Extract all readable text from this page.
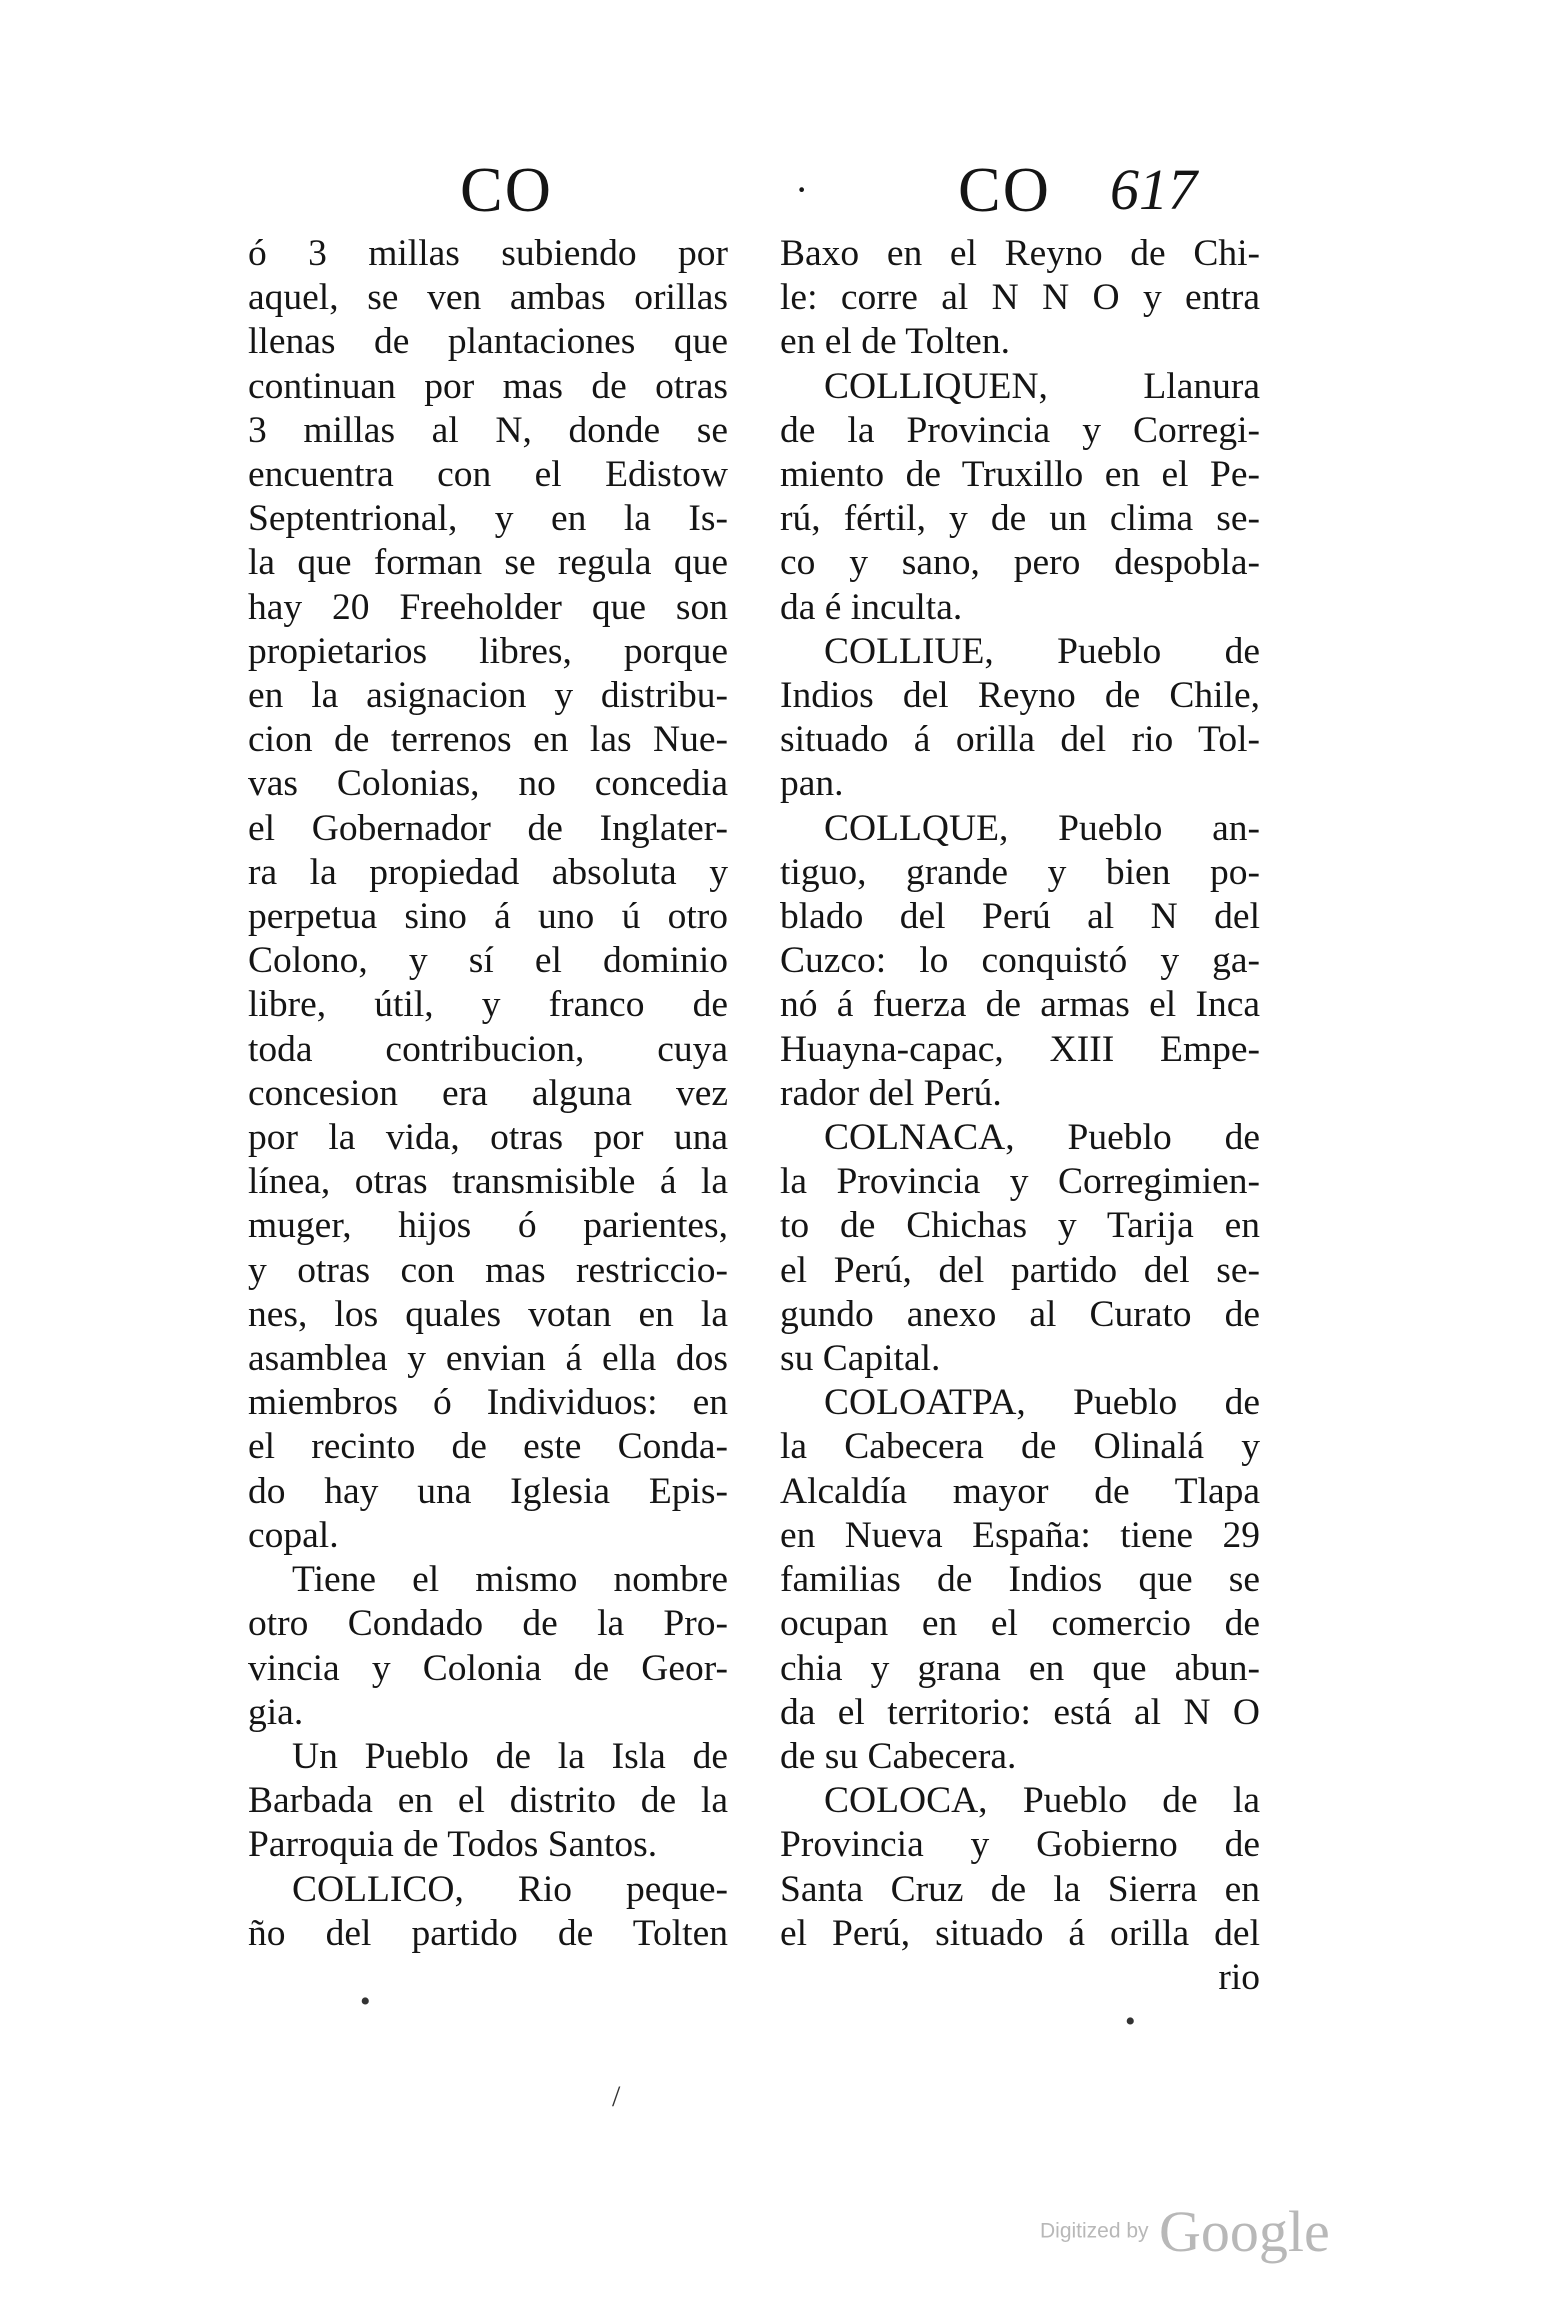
CO	· CO 617
ó 3 millas subiendo por
aquel, se ven ambas orillas
llenas de plantaciones que
continuan por mas de otras
3 millas al N, donde se
encuentra con el Edistow
Septentrional, y en la Is-
la que forman se regula que
hay 20 Freeholder que son
propietarios libres, porque
en la asignacion y distribu-
cion de terrenos en las Nue-
vas Colonias, no concedia
el Gobernador de Inglater-
ra la propiedad absoluta y
perpetua sino á uno ú otro
Colono, y sí el dominio
libre, útil, y franco de
toda contribucion, cuya
concesion era alguna vez
por la vida, otras por una
línea, otras transmisible á la
muger, hijos ó parientes,
y otras con mas restriccio-
nes, los quales votan en la
asamblea y envian á ella dos
miembros ó Individuos: en
el recinto de este Conda-
do hay una Iglesia Epis-
copal.
Tiene el mismo nombre
otro Condado de la Pro-
vincia y Colonia de Geor-
gia.
Un Pueblo de la Isla de
Barbada en el distrito de la
Parroquia de Todos Santos.
COLLICO, Rio peque-
ño del partido de Tolten
Baxo en el Reyno de Chi-
le: corre al N N O y entra
en el de Tolten.
COLLIQUEN, Llanura
de la Provincia y Corregi-
miento de Truxillo en el Pe-
rú, fértil, y de un clima se-
co y sano, pero despobla-
da é inculta.
COLLIUE, Pueblo de
Indios del Reyno de Chile,
situado á orilla del rio Tol-
pan.
COLLQUE, Pueblo an-
tiguo, grande y bien po-
blado del Perú al N del
Cuzco: lo conquistó y ga-
nó á fuerza de armas el Inca
Huayna-capac, XIII Empe-
rador del Perú.
COLNACA, Pueblo de
la Provincia y Corregimien-
to de Chichas y Tarija en
el Perú, del partido del se-
gundo anexo al Curato de
su Capital.
COLOATPA, Pueblo de
la Cabecera de Olinalá y
Alcaldía mayor de Tlapa
en Nueva España: tiene 29
familias de Indios que se
ocupan en el comercio de
chia y grana en que abun-
da el territorio: está al N O
de su Cabecera.
COLOCA, Pueblo de la
Provincia y Gobierno de
Santa Cruz de la Sierra en
el Perú, situado á orilla del
rio
•
/
•
Digitized by Google
